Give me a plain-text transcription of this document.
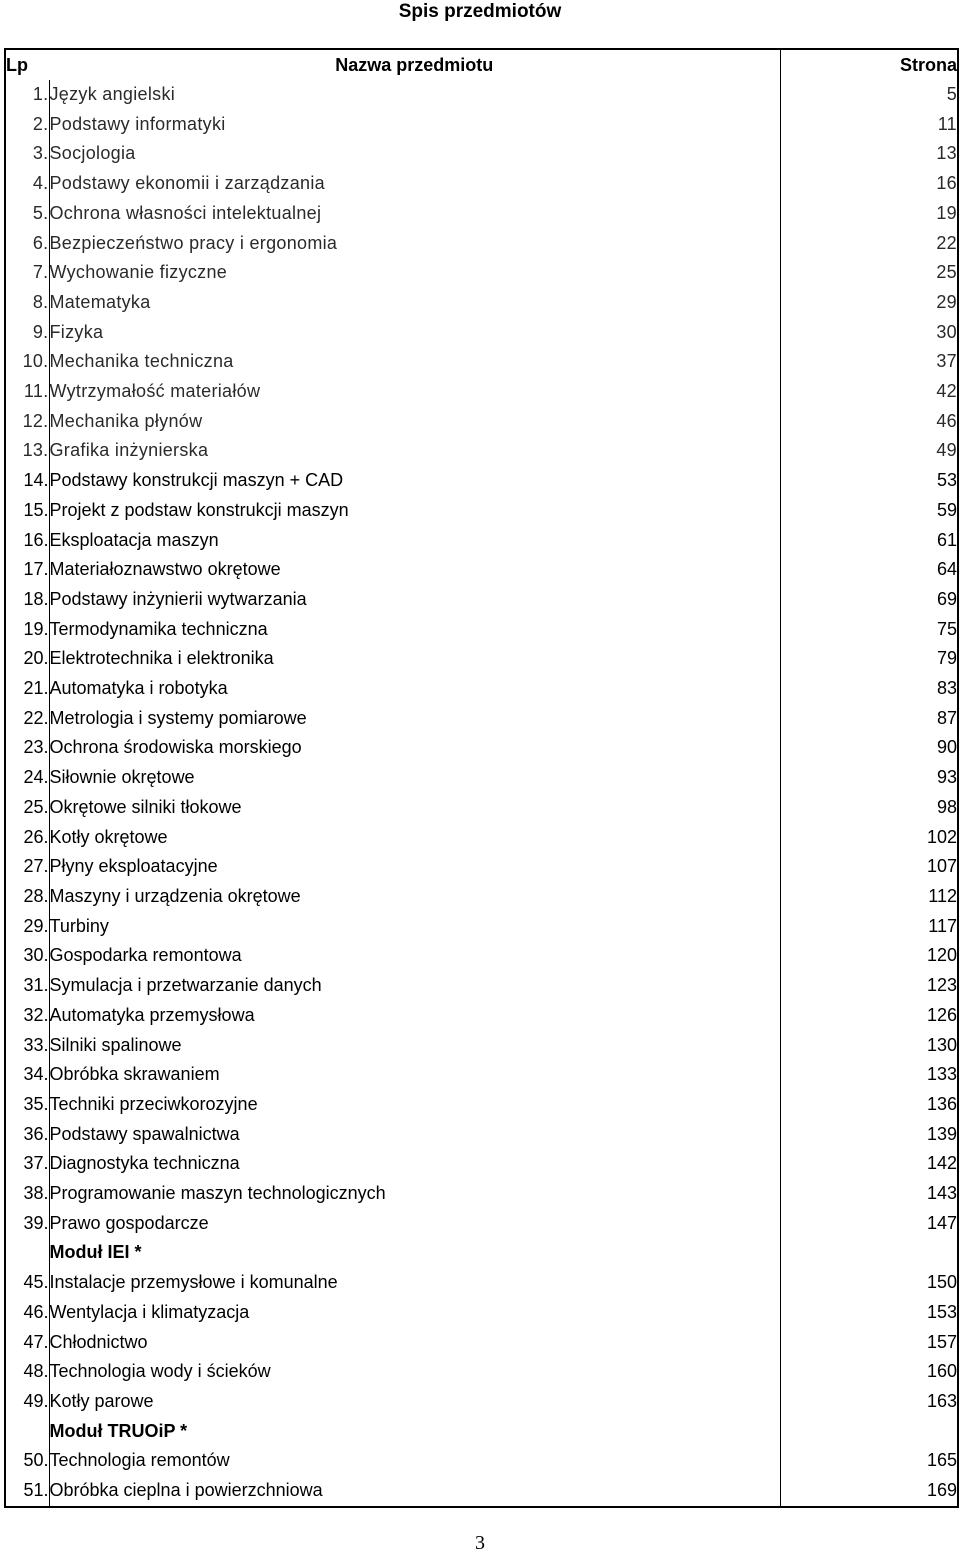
Spis przedmiotów
Lp	Nazwa przedmiotu	Strona
1.	Język angielski	5
2.	Podstawy informatyki	11
3.	Socjologia	13
4.	Podstawy ekonomii i zarządzania	16
5.	Ochrona własności intelektualnej	19
6.	Bezpieczeństwo pracy i ergonomia	22
7.	Wychowanie fizyczne	25
8.	Matematyka	29
9.	Fizyka	30
10.	Mechanika techniczna	37
11.	Wytrzymałość materiałów	42
12.	Mechanika płynów	46
13.	Grafika inżynierska	49
14.	Podstawy konstrukcji maszyn + CAD	53
15.	Projekt z podstaw konstrukcji maszyn	59
16.	Eksploatacja maszyn	61
17.	Materiałoznawstwo okrętowe	64
18.	Podstawy inżynierii wytwarzania	69
19.	Termodynamika techniczna	75
20.	Elektrotechnika i elektronika	79
21.	Automatyka i robotyka	83
22.	Metrologia i systemy pomiarowe	87
23.	Ochrona środowiska morskiego	90
24.	Siłownie okrętowe	93
25.	Okrętowe silniki tłokowe	98
26.	Kotły okrętowe	102
27.	Płyny eksploatacyjne	107
28.	Maszyny i urządzenia okrętowe	112
29.	Turbiny	117
30.	Gospodarka remontowa	120
31.	Symulacja i przetwarzanie danych	123
32.	Automatyka przemysłowa	126
33.	Silniki spalinowe	130
34.	Obróbka skrawaniem	133
35.	Techniki przeciwkorozyjne	136
36.	Podstawy spawalnictwa	139
37.	Diagnostyka techniczna	142
38.	Programowanie maszyn technologicznych	143
39.	Prawo gospodarcze	147
	Moduł IEI *	
45.	Instalacje przemysłowe i komunalne	150
46.	Wentylacja i klimatyzacja	153
47.	Chłodnictwo	157
48.	Technologia wody i ścieków	160
49.	Kotły parowe	163
	Moduł TRUOiP *	
50.	Technologia remontów	165
51.	Obróbka cieplna i powierzchniowa	169
3
